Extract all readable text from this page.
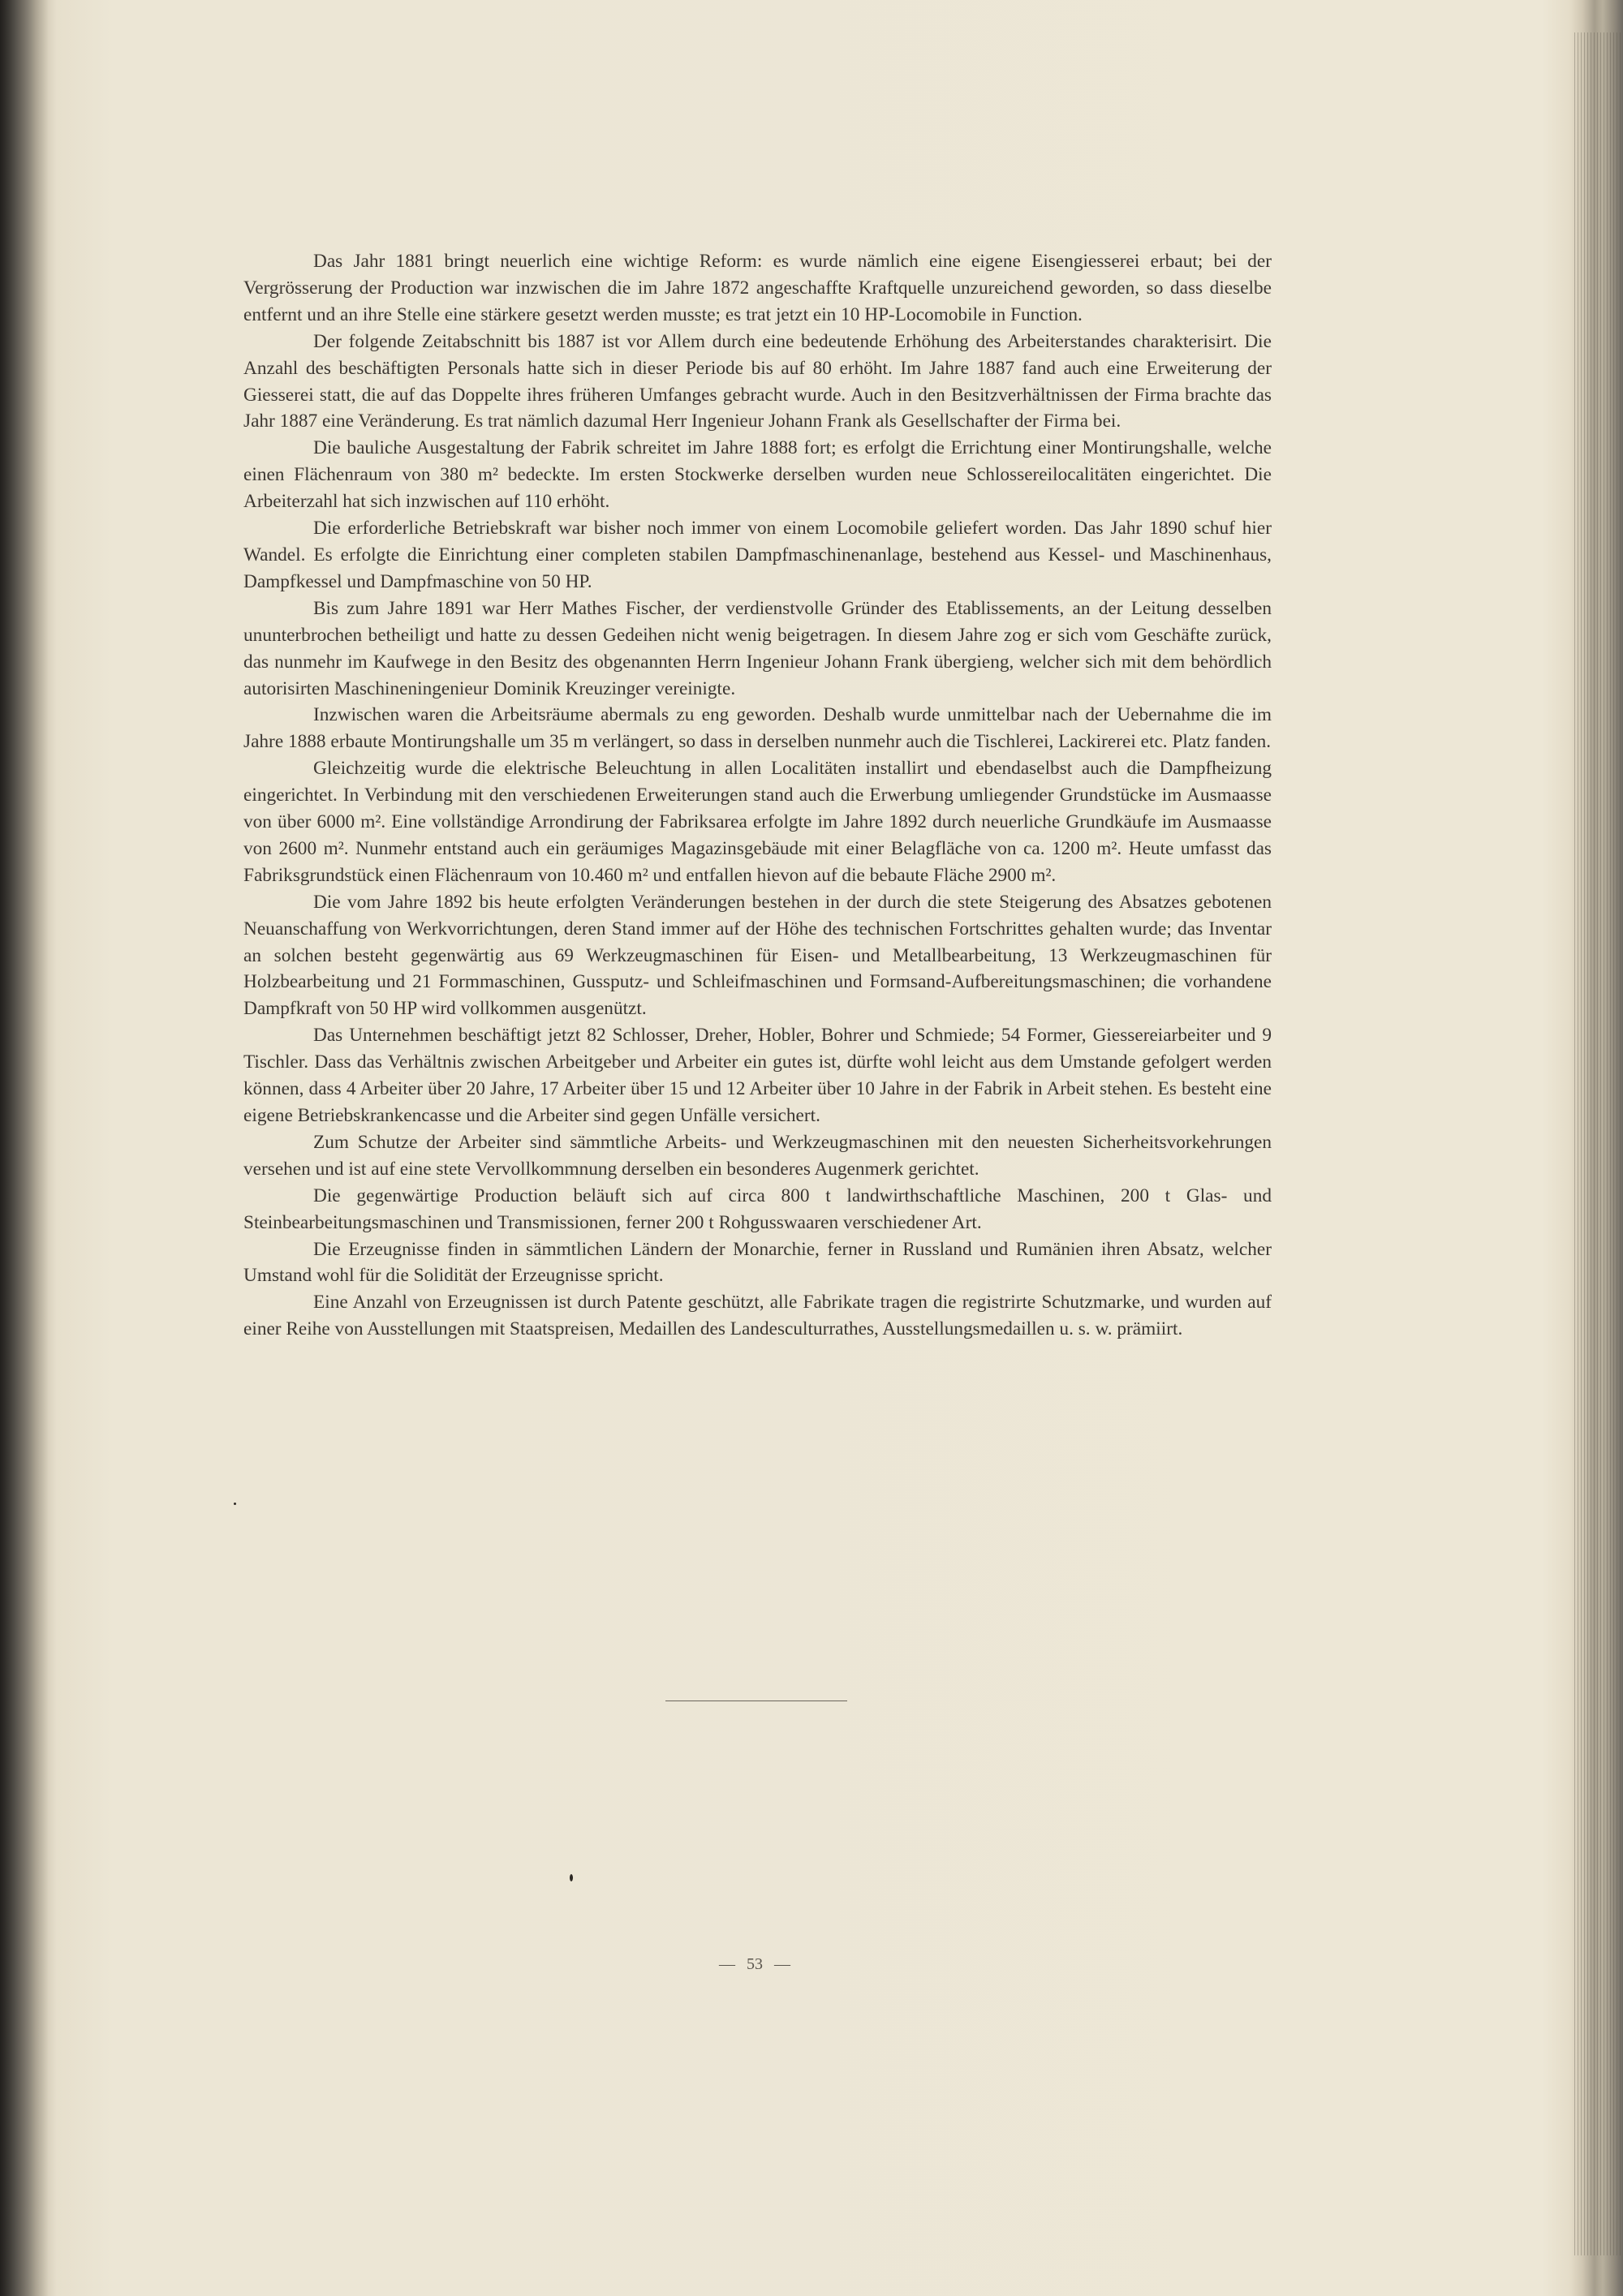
Das Jahr 1881 bringt neuerlich eine wichtige Reform: es wurde nämlich eine eigene Eisengiesserei erbaut; bei der Vergrösserung der Production war inzwischen die im Jahre 1872 angeschaffte Kraftquelle unzureichend geworden, so dass dieselbe entfernt und an ihre Stelle eine stärkere gesetzt werden musste; es trat jetzt ein 10 HP-Locomobile in Function.

Der folgende Zeitabschnitt bis 1887 ist vor Allem durch eine bedeutende Erhöhung des Arbeiterstandes charakterisirt. Die Anzahl des beschäftigten Personals hatte sich in dieser Periode bis auf 80 erhöht. Im Jahre 1887 fand auch eine Erweiterung der Giesserei statt, die auf das Doppelte ihres früheren Umfanges gebracht wurde. Auch in den Besitzverhältnissen der Firma brachte das Jahr 1887 eine Veränderung. Es trat nämlich dazumal Herr Ingenieur Johann Frank als Gesellschafter der Firma bei.

Die bauliche Ausgestaltung der Fabrik schreitet im Jahre 1888 fort; es erfolgt die Errichtung einer Montirungshalle, welche einen Flächenraum von 380 m² bedeckte. Im ersten Stockwerke derselben wurden neue Schlossereilocalitäten eingerichtet. Die Arbeiterzahl hat sich inzwischen auf 110 erhöht.

Die erforderliche Betriebskraft war bisher noch immer von einem Locomobile geliefert worden. Das Jahr 1890 schuf hier Wandel. Es erfolgte die Einrichtung einer completen stabilen Dampfmaschinenanlage, bestehend aus Kessel- und Maschinenhaus, Dampfkessel und Dampfmaschine von 50 HP.

Bis zum Jahre 1891 war Herr Mathes Fischer, der verdienstvolle Gründer des Etablissements, an der Leitung desselben ununterbrochen betheiligt und hatte zu dessen Gedeihen nicht wenig beigetragen. In diesem Jahre zog er sich vom Geschäfte zurück, das nunmehr im Kaufwege in den Besitz des obgenannten Herrn Ingenieur Johann Frank übergieng, welcher sich mit dem behördlich autorisirten Maschineningenieur Dominik Kreuzinger vereinigte.

Inzwischen waren die Arbeitsräume abermals zu eng geworden. Deshalb wurde unmittelbar nach der Uebernahme die im Jahre 1888 erbaute Montirungshalle um 35 m verlängert, so dass in derselben nunmehr auch die Tischlerei, Lackirerei etc. Platz fanden.

Gleichzeitig wurde die elektrische Beleuchtung in allen Localitäten installirt und ebendaselbst auch die Dampfheizung eingerichtet. In Verbindung mit den verschiedenen Erweiterungen stand auch die Erwerbung umliegender Grundstücke im Ausmaasse von über 6000 m². Eine vollständige Arrondirung der Fabriksarea erfolgte im Jahre 1892 durch neuerliche Grundkäufe im Ausmaasse von 2600 m². Nunmehr entstand auch ein geräumiges Magazinsgebäude mit einer Belagfläche von ca. 1200 m². Heute umfasst das Fabriksgrundstück einen Flächenraum von 10.460 m² und entfallen hievon auf die bebaute Fläche 2900 m².

Die vom Jahre 1892 bis heute erfolgten Veränderungen bestehen in der durch die stete Steigerung des Absatzes gebotenen Neuanschaffung von Werkvorrichtungen, deren Stand immer auf der Höhe des technischen Fortschrittes gehalten wurde; das Inventar an solchen besteht gegenwärtig aus 69 Werkzeugmaschinen für Eisen- und Metallbearbeitung, 13 Werkzeugmaschinen für Holzbearbeitung und 21 Formmaschinen, Gussputz- und Schleifmaschinen und Formsand-Aufbereitungsmaschinen; die vorhandene Dampfkraft von 50 HP wird vollkommen ausgenützt.

Das Unternehmen beschäftigt jetzt 82 Schlosser, Dreher, Hobler, Bohrer und Schmiede; 54 Former, Giessereiarbeiter und 9 Tischler. Dass das Verhältnis zwischen Arbeitgeber und Arbeiter ein gutes ist, dürfte wohl leicht aus dem Umstande gefolgert werden können, dass 4 Arbeiter über 20 Jahre, 17 Arbeiter über 15 und 12 Arbeiter über 10 Jahre in der Fabrik in Arbeit stehen. Es besteht eine eigene Betriebskrankencasse und die Arbeiter sind gegen Unfälle versichert.

Zum Schutze der Arbeiter sind sämmtliche Arbeits- und Werkzeugmaschinen mit den neuesten Sicherheitsvorkehrungen versehen und ist auf eine stete Vervollkommnung derselben ein besonderes Augenmerk gerichtet.

Die gegenwärtige Production beläuft sich auf circa 800 t landwirthschaftliche Maschinen, 200 t Glas- und Steinbearbeitungsmaschinen und Transmissionen, ferner 200 t Rohgusswaaren verschiedener Art.

Die Erzeugnisse finden in sämmtlichen Ländern der Monarchie, ferner in Russland und Rumänien ihren Absatz, welcher Umstand wohl für die Solidität der Erzeugnisse spricht.

Eine Anzahl von Erzeugnissen ist durch Patente geschützt, alle Fabrikate tragen die registrirte Schutzmarke, und wurden auf einer Reihe von Ausstellungen mit Staatspreisen, Medaillen des Landesculturrathes, Ausstellungsmedaillen u. s. w. prämiirt.

— 53 —
